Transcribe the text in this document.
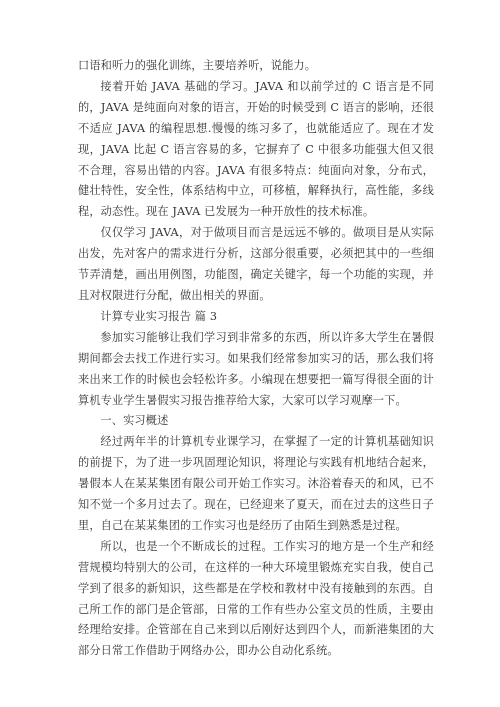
口语和听力的强化训练，主要培养听，说能力。

接着开始 JAVA 基础的学习。JAVA 和以前学过的 C 语言是不同的，JAVA 是纯面向对象的语言，开始的时候受到 C 语言的影响，还很不适应 JAVA 的编程思想.慢慢的练习多了，也就能适应了。现在才发现，JAVA 比起 C 语言容易的多，它摒弃了 C 中很多功能强大但又很不合理，容易出错的内容。JAVA 有很多特点：纯面向对象，分布式，健壮特性，安全性，体系结构中立，可移植，解释执行，高性能，多线程，动态性。现在 JAVA 已发展为一种开放性的技术标准。

仅仅学习 JAVA，对于做项目而言是远远不够的。做项目是从实际出发，先对客户的需求进行分析，这部分很重要，必须把其中的一些细节弄清楚，画出用例图，功能图，确定关键字，每一个功能的实现，并且对权限进行分配，做出相关的界面。

计算专业实习报告 篇 3

参加实习能够让我们学习到非常多的东西，所以许多大学生在暑假期间都会去找工作进行实习。如果我们经常参加实习的话，那么我们将来出来工作的时候也会轻松许多。小编现在想要把一篇写得很全面的计算机专业学生暑假实习报告推荐给大家，大家可以学习观摩一下。

一、实习概述

经过两年半的计算机专业课学习，在掌握了一定的计算机基础知识的前提下，为了进一步巩固理论知识，将理论与实践有机地结合起来，暑假本人在某某集团有限公司开始工作实习。沐浴着春天的和风，已不知不觉一个多月过去了。现在，已经迎来了夏天，而在过去的这些日子里，自己在某某集团的工作实习也是经历了由陌生到熟悉是过程。

所以，也是一个不断成长的过程。工作实习的地方是一个生产和经营规模均特别大的公司，在这样的一种大环境里锻炼充实自我，使自己学到了很多的新知识，这些都是在学校和教材中没有接触到的东西。自己所工作的部门是企管部，日常的工作有些办公室文员的性质，主要由经理给安排。企管部在自己来到以后刚好达到四个人，而新港集团的大部分日常工作借助于网络办公，即办公自动化系统。
